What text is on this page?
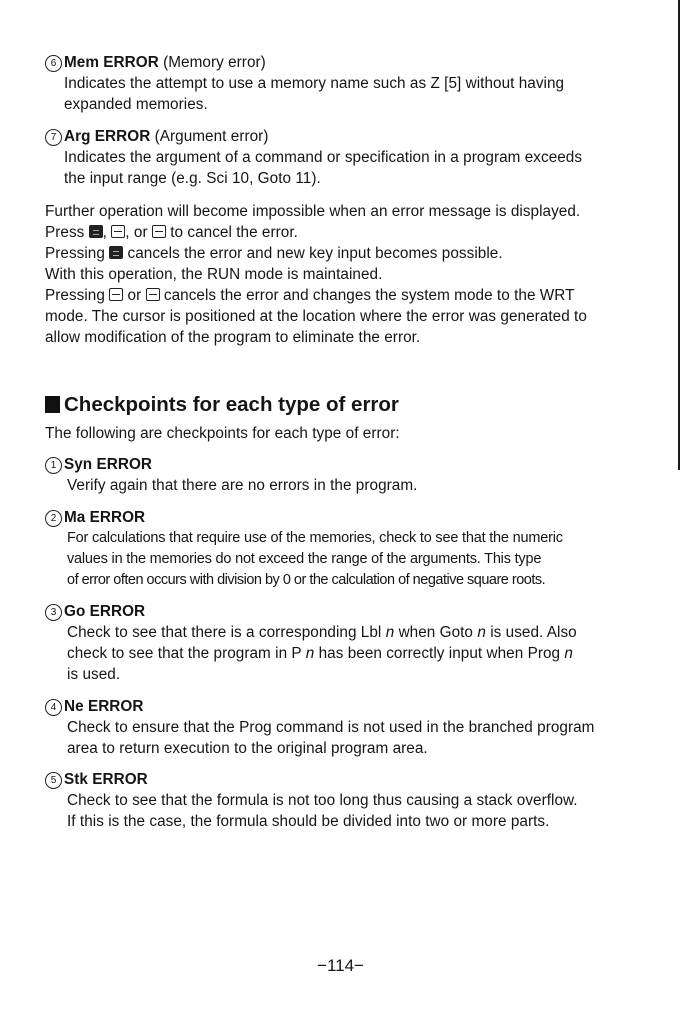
6 Mem ERROR (Memory error)
Indicates the attempt to use a memory name such as Z [5] without having
expanded memories.
7 Arg ERROR (Argument error)
Indicates the argument of a command or specification in a program exceeds
the input range (e.g. Sci 10, Goto 11).
Further operation will become impossible when an error message is displayed.
Press , , or to cancel the error.
Pressing cancels the error and new key input becomes possible.
With this operation, the RUN mode is maintained.
Pressing or cancels the error and changes the system mode to the WRT
mode. The cursor is positioned at the location where the error was generated to
allow modification of the program to eliminate the error.
Checkpoints for each type of error
The following are checkpoints for each type of error:
1 Syn ERROR
Verify again that there are no errors in the program.
2 Ma ERROR
For calculations that require use of the memories, check to see that the numeric
values in the memories do not exceed the range of the arguments. This type
of error often occurs with division by 0 or the calculation of negative square roots.
3 Go ERROR
Check to see that there is a corresponding Lbl n when Goto n is used. Also
check to see that the program in P n has been correctly input when Prog n
is used.
4 Ne ERROR
Check to ensure that the Prog command is not used in the branched program
area to return execution to the original program area.
5 Stk ERROR
Check to see that the formula is not too long thus causing a stack overflow.
If this is the case, the formula should be divided into two or more parts.
−114−
